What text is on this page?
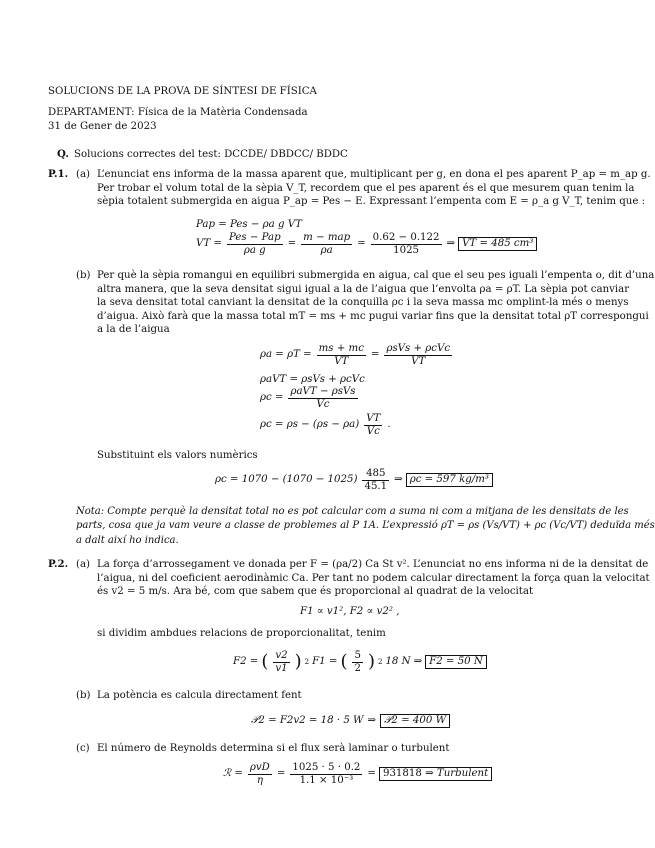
SOLUCIONS DE LA PROVA DE SÍNTESI DE FÍSICA
DEPARTAMENT: Física de la Matèria Condensada
31 de Gener de 2023
Q. Solucions correctes del test: DCCDE/ DBDCC/ BDDC
P.1. (a) L’enunciat ens informa de la massa aparent que, multiplicant per g, en dona el pes aparent P_ap = m_ap g.
Per trobar el volum total de la sèpia V_T, recordem que el pes aparent és el que mesurem quan tenim la
sèpia totalent submergida en aigua P_ap = Pes − E. Expressant l’empenta com E = ρ_a g V_T, tenim que :
Pap = Pes − ρa g VT
VT = $\frac{\text{Pes − Pap}}{\text{ρa g}} = \frac{\text{m − map}}{\rho a} = \frac{0.62 - 0.122}{1025}$ ⇒ VT = 485 cm³
(b) Per què la sèpia romangui en equilibri submergida en aigua, cal que el seu pes iguali l’empenta o, dit d’una
altra manera, que la seva densitat sigui igual a la de l’aigua que l’envolta ρa = ρT. La sèpia pot canviar
la seva densitat total canviant la densitat de la conquilla ρc i la seva massa mc omplint-la més o menys
d’aigua. Això farà que la massa total mT = ms + mc pugui variar fins que la densitat total ρT correspongui
a la de l’aigua
$\rho a = \rho T = \frac{ms + mc}{VT} = \frac{\text{ρsVs + ρcVc}}{VT}$
ρaVT = ρsVs + ρcVc
$\rho c = \frac{\text{ρaVT − ρsVs}}{Vc}$
$\rho c = \rho s - (\rho s - \rho a) \frac{VT}{Vc}$ .
Substituint els valors numèrics
$\rho c = 1070 - (1070 - 1025) \frac{485}{45.1}$ ⇒ ρc = 597 kg/m³
Nota: Compte perquè la densitat total no es pot calcular com a suma ni com a mitjana de les densitats de les
parts, cosa que ja vam veure a classe de problemes al P 1A. L’expressió ρT = ρs (Vs/VT) + ρc (Vc/VT) deduïda més
a dalt així ho indica.
P.2. (a) La força d’arrossegament ve donada per F = (ρa/2) Ca St v². L’enunciat no ens informa ni de la densitat de
l’aigua, ni del coeficient aerodinàmic Ca. Per tant no podem calcular directament la força quan la velocitat
és v2 = 5 m/s. Ara bé, com que sabem que és proporcional al quadrat de la velocitat
F1 ∝ v1², F2 ∝ v2² ,
si dividim ambdues relacions de proporcionalitat, tenim
F2 = ( $\frac{v2}{v1}$ ) 2 F1 = ( $\frac{5}{2}$ ) 2 18 N ⇒ F2 = 50 N
(b) La potència es calcula directament fent
𝒫2 = F2v2 = 18 · 5 W ⇒ 𝒫2 = 400 W
(c) El número de Reynolds determina si el flux serà laminar o turbulent
ℛ = $\frac{\text{ρvD}}{\eta} = \frac{1025 \cdot 5 \cdot 0.2}{\text{1.1 × 10⁻³}} = 931818$ ⇒ Turbulent
